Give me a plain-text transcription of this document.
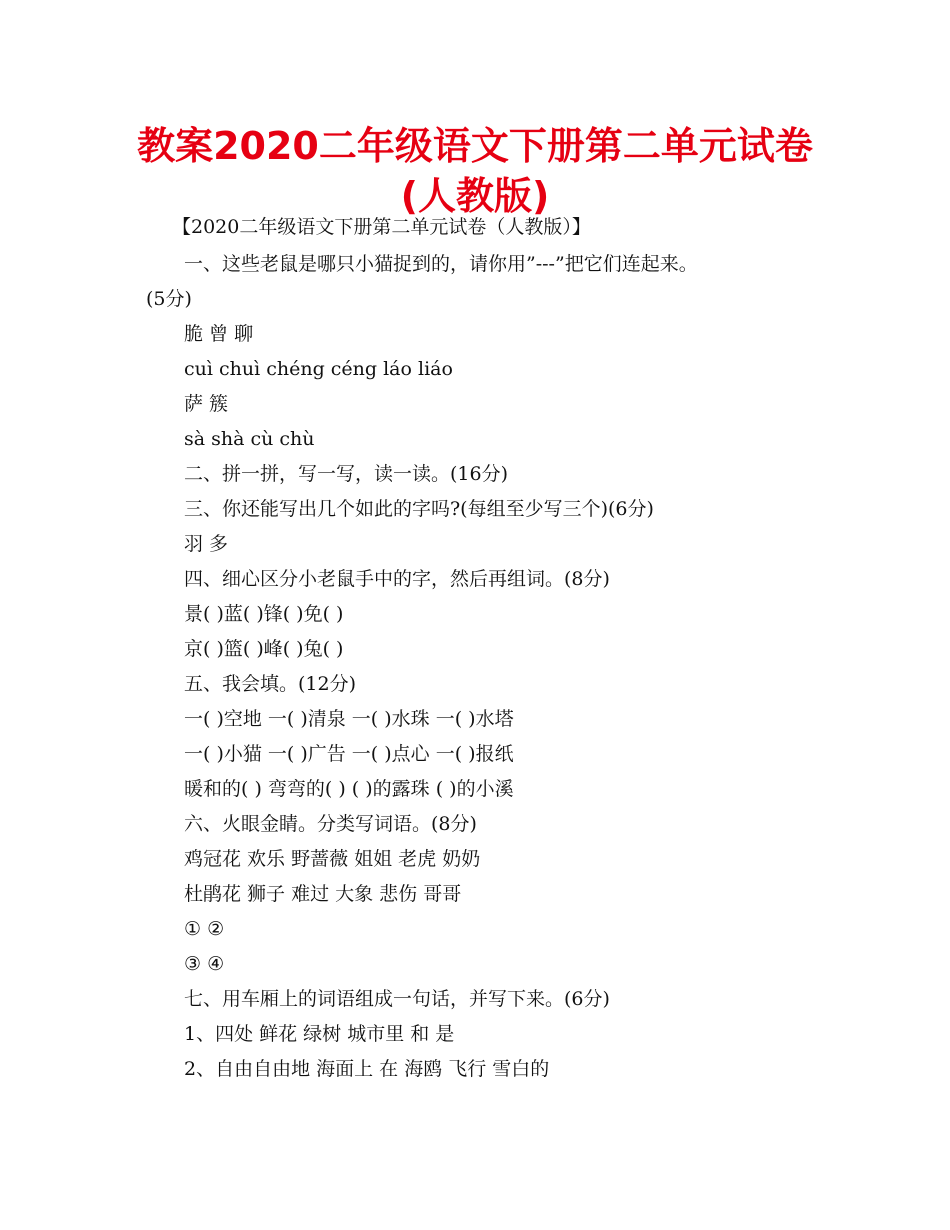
教案2020二年级语文下册第二单元试卷
(人教版)

【2020二年级语文下册第二单元试卷（人教版）】

一、这些老鼠是哪只小猫捉到的，请你用”---”把它们连起来。

(5分)

脆 曾 聊

cuì chuì chéng céng láo liáo

萨 簇

sà shà cù chù

二、拼一拼，写一写，读一读。(16分)

三、你还能写出几个如此的字吗?(每组至少写三个)(6分)

羽 多

四、细心区分小老鼠手中的字，然后再组词。(8分)

景( )蓝( )锋( )免( )

京( )篮( )峰( )兔( )

五、我会填。(12分)

一( )空地 一( )清泉 一( )水珠 一( )水塔

一( )小猫 一( )广告 一( )点心 一( )报纸

暖和的( ) 弯弯的( ) ( )的露珠 ( )的小溪

六、火眼金睛。分类写词语。(8分)

鸡冠花 欢乐 野蔷薇 姐姐 老虎 奶奶

杜鹃花 狮子 难过 大象 悲伤 哥哥

① ②

③ ④

七、用车厢上的词语组成一句话，并写下来。(6分)

1、四处 鲜花 绿树 城市里 和 是

2、自由自由地 海面上 在 海鸥 飞行 雪白的
